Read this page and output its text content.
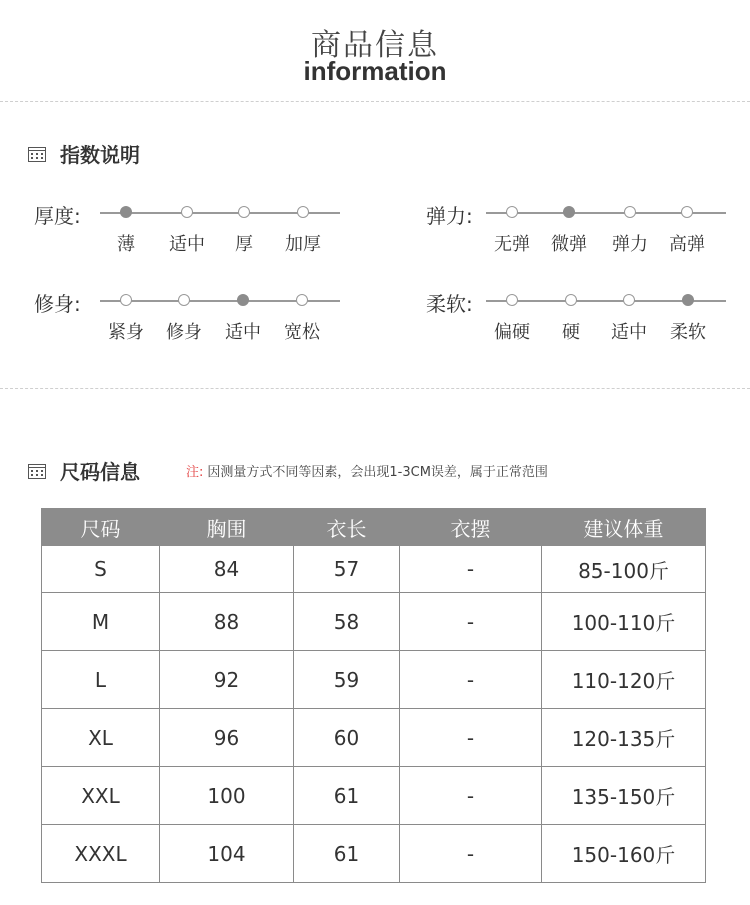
商品信息
information
指数说明
厚度:
薄 适中 厚 加厚
弹力:
无弹 微弹 弹力 高弹
修身:
紧身 修身 适中 宽松
柔软:
偏硬 硬 适中 柔软
尺码信息	注: 因测量方式不同等因素，会出现1-3CM误差，属于正常范围
尺码	胸围	衣长	衣摆	建议体重
S	84	57	-	85-100斤
M	88	58	-	100-110斤
L	92	59	-	110-120斤
XL	96	60	-	120-135斤
XXL	100	61	-	135-150斤
XXXL	104	61	-	150-160斤
